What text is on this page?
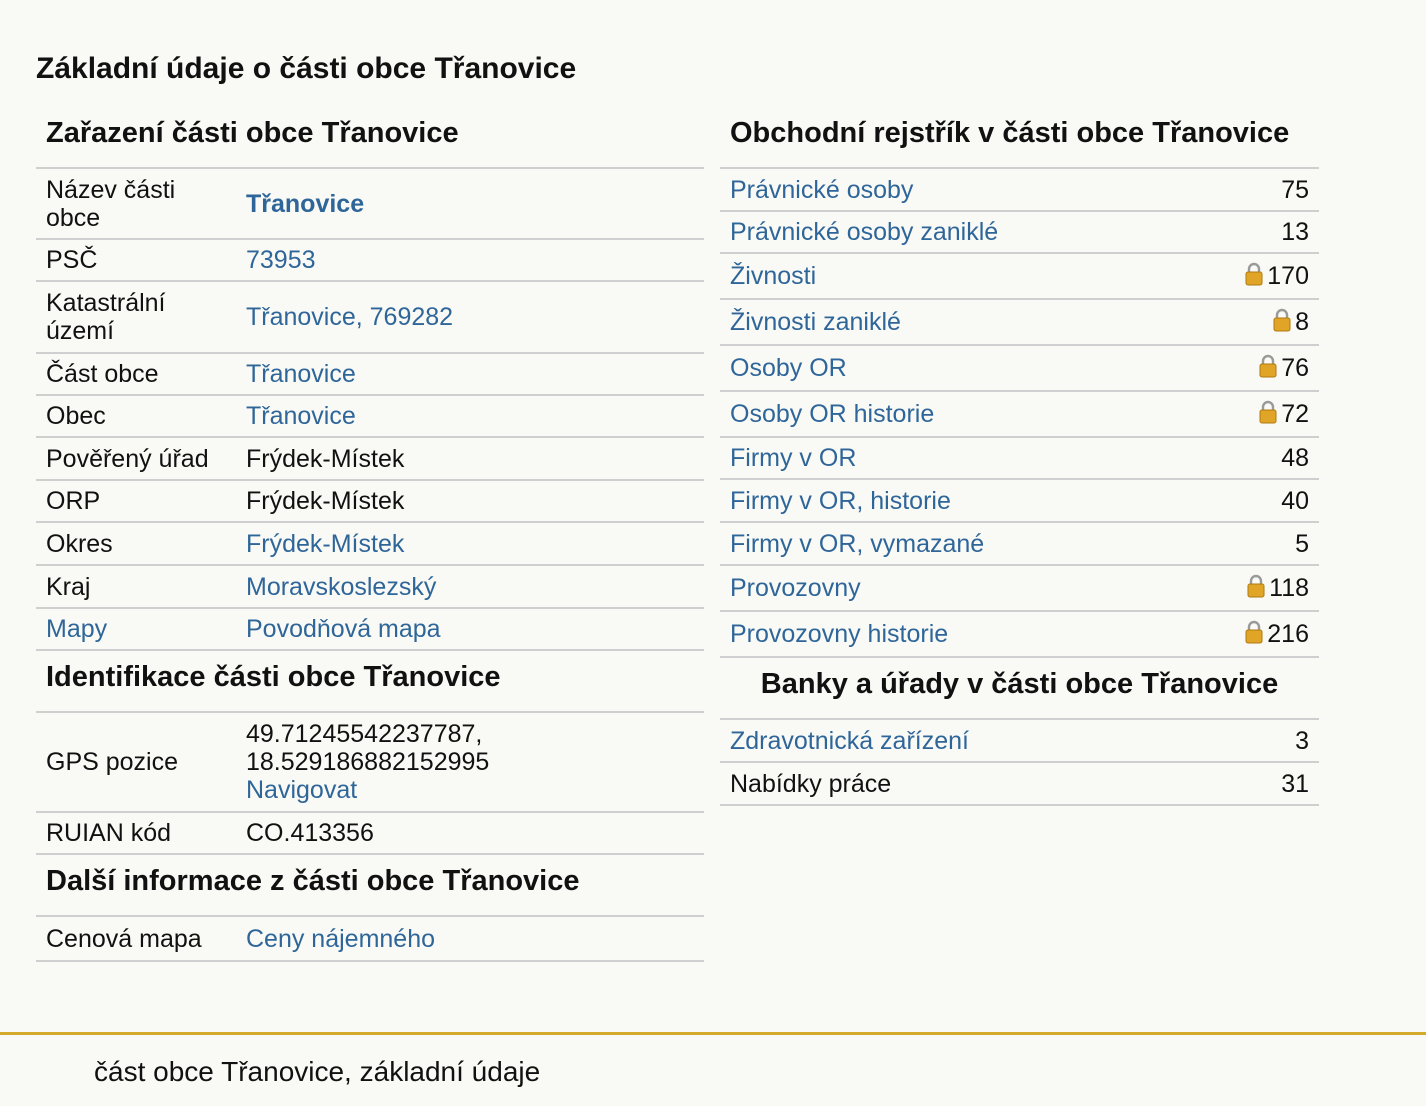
Základní údaje o části obce Třanovice
Zařazení části obce Třanovice
Název části obce	Třanovice
PSČ	73953
Katastrální území	Třanovice, 769282
Část obce	Třanovice
Obec	Třanovice
Pověřený úřad	Frýdek-Místek
ORP	Frýdek-Místek
Okres	Frýdek-Místek
Kraj	Moravskoslezský
Mapy	Povodňová mapa
Identifikace části obce Třanovice
GPS pozice	49.71245542237787,
18.529186882152995
Navigovat

RUIAN kód	CO.413356
Další informace z části obce Třanovice
Cenová mapa	Ceny nájemného
Obchodní rejstřík v části obce Třanovice
Právnické osoby	75
Právnické osoby zaniklé	13
Živnosti	170
Živnosti zaniklé	8
Osoby OR	76
Osoby OR historie	72
Firmy v OR	48
Firmy v OR, historie	40
Firmy v OR, vymazané	5
Provozovny	118
Provozovny historie	216
Banky a úřady v části obce Třanovice
Zdravotnická zařízení	3
Nabídky práce	31
část obce Třanovice, základní údaje
